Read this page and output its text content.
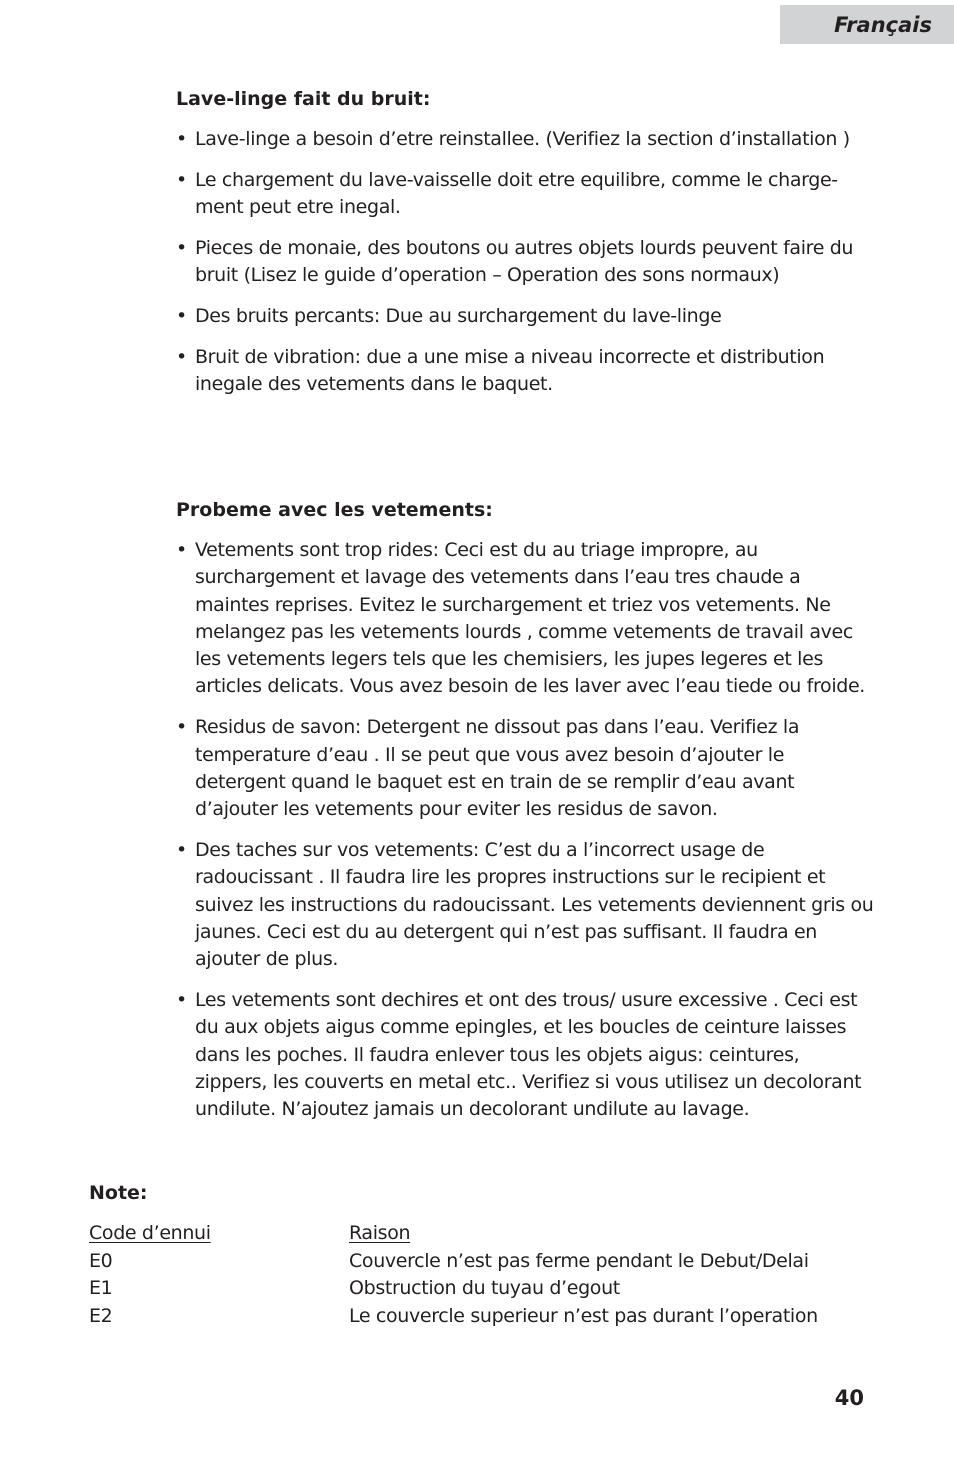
Français
Lave-linge fait du bruit:
• Lave-linge a besoin d’etre reinstallee. (Verifiez la section d’installation )
• Le chargement du lave-vaisselle doit etre equilibre, comme le charge-ment peut etre inegal.
• Pieces de monaie, des boutons ou autres objets lourds peuvent faire du bruit (Lisez le guide d’operation – Operation des sons normaux)
• Des bruits percants: Due au surchargement du lave-linge
• Bruit de vibration: due a une mise a niveau incorrecte et distribution inegale des vetements dans le baquet.
Probeme avec les vetements:
• Vetements sont trop rides: Ceci est du au triage impropre, au surchargement et lavage des vetements dans l’eau tres chaude a maintes reprises. Evitez le surchargement et triez vos vetements. Ne melangez pas les vetements lourds , comme vetements de travail avec les vetements legers tels que les chemisiers, les jupes legeres et les articles delicats. Vous avez besoin de les laver avec l’eau tiede ou froide.
• Residus de savon: Detergent ne dissout pas dans l’eau. Verifiez la temperature d’eau . Il se peut que vous avez besoin d’ajouter le detergent quand le baquet est en train de se remplir d’eau avant d’ajouter les vetements pour eviter les residus de savon.
• Des taches sur vos vetements: C’est du a l’incorrect usage de radoucissant . Il faudra lire les propres instructions sur le recipient et suivez les instructions du radoucissant. Les vetements deviennent gris ou jaunes. Ceci est du au detergent qui n’est pas suffisant. Il faudra en ajouter de plus.
• Les vetements sont dechires et ont des trous/ usure excessive . Ceci est du aux objets aigus comme epingles, et les boucles de ceinture laisses dans les poches. Il faudra enlever tous les objets aigus: ceintures, zippers, les couverts en metal etc.. Verifiez si vous utilisez un decolorant undilute. N’ajoutez jamais un decolorant undilute au lavage.
Note:
Code d’ennui	Raison
E0	Couvercle n’est pas ferme pendant le Debut/Delai
E1	Obstruction du tuyau d’egout
E2	Le couvercle superieur n’est pas durant l’operation
40
